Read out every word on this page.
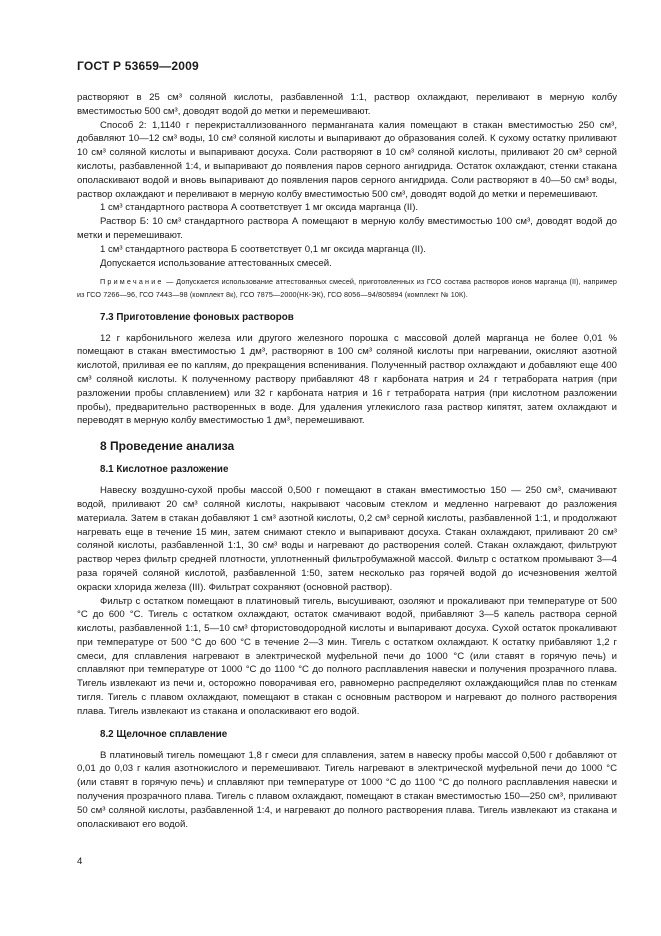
ГОСТ Р 53659—2009

растворяют в 25 см³ соляной кислоты, разбавленной 1:1, раствор охлаждают, переливают в мерную колбу вместимостью 500 см³, доводят водой до метки и перемешивают.

Способ 2: 1,1140 г перекристаллизованного перманганата калия помещают в стакан вместимостью 250 см³, добавляют 10—12 см³ воды, 10 см³ соляной кислоты и выпаривают до образования солей. К сухому остатку приливают 10 см³ соляной кислоты и выпаривают досуха. Соли растворяют в 10 см³ соляной кислоты, приливают 20 см³ серной кислоты, разбавленной 1:4, и выпаривают до появления паров серного ангидрида. Остаток охлаждают, стенки стакана ополаскивают водой и вновь выпаривают до появления паров серного ангидрида. Соли растворяют в 40—50 см³ воды, раствор охлаждают и переливают в мерную колбу вместимостью 500 см³, доводят водой до метки и перемешивают.

1 см³ стандартного раствора А соответствует 1 мг оксида марганца (II).

Раствор Б: 10 см³ стандартного раствора А помещают в мерную колбу вместимостью 100 см³, доводят водой до метки и перемешивают.

1 см³ стандартного раствора Б соответствует 0,1 мг оксида марганца (II).

Допускается использование аттестованных смесей.

Примечание — Допускается использование аттестованных смесей, приготовленных из ГСО состава растворов ионов марганца (II), например из ГСО 7266—96, ГСО 7443—98 (комплект 8к), ГСО 7875—2000(НК-ЭК), ГСО 8056—94/805894 (комплект № 10К).

7.3 Приготовление фоновых растворов

12 г карбонильного железа или другого железного порошка с массовой долей марганца не более 0,01 % помещают в стакан вместимостью 1 дм³, растворяют в 100 см³ соляной кислоты при нагревании, окисляют азотной кислотой, приливая ее по каплям, до прекращения вспенивания. Полученный раствор охлаждают и добавляют еще 400 см³ соляной кислоты. К полученному раствору прибавляют 48 г карбоната натрия и 24 г тетрабората натрия (при разложении пробы сплавлением) или 32 г карбоната натрия и 16 г тетрабората натрия (при кислотном разложении пробы), предварительно растворенных в воде. Для удаления углекислого газа раствор кипятят, затем охлаждают и переводят в мерную колбу вместимостью 1 дм³, перемешивают.

8 Проведение анализа
8.1 Кислотное разложение

Навеску воздушно-сухой пробы массой 0,500 г помещают в стакан вместимостью 150 — 250 см³, смачивают водой, приливают 20 см³ соляной кислоты, накрывают часовым стеклом и медленно нагревают до разложения материала. Затем в стакан добавляют 1 см³ азотной кислоты, 0,2 см³ серной кислоты, разбавленной 1:1, и продолжают нагревать еще в течение 15 мин, затем снимают стекло и выпаривают досуха. Стакан охлаждают, приливают 20 см³ соляной кислоты, разбавленной 1:1, 30 см³ воды и нагревают до растворения солей. Стакан охлаждают, фильтруют раствор через фильтр средней плотности, уплотненный фильтробумажной массой. Фильтр с остатком промывают 3—4 раза горячей соляной кислотой, разбавленной 1:50, затем несколько раз горячей водой до исчезновения желтой окраски хлорида железа (III). Фильтрат сохраняют (основной раствор).

Фильтр с остатком помещают в платиновый тигель, высушивают, озоляют и прокаливают при температуре от 500 °С до 600 °С. Тигель с остатком охлаждают, остаток смачивают водой, прибавляют 3—5 капель раствора серной кислоты, разбавленной 1:1, 5—10 см³ фтористоводородной кислоты и выпаривают досуха. Сухой остаток прокаливают при температуре от 500 °С до 600 °С в течение 2—3 мин. Тигель с остатком охлаждают. К остатку прибавляют 1,2 г смеси, для сплавления нагревают в электрической муфельной печи до 1000 °С (или ставят в горячую печь) и сплавляют при температуре от 1000 °С до 1100 °С до полного расплавления навески и получения прозрачного плава. Тигель извлекают из печи и, осторожно поворачивая его, равномерно распределяют охлаждающийся плав по стенкам тигля. Тигель с плавом охлаждают, помещают в стакан с основным раствором и нагревают до полного растворения плава. Тигель извлекают из стакана и ополаскивают его водой.

8.2 Щелочное сплавление

В платиновый тигель помещают 1,8 г смеси для сплавления, затем в навеску пробы массой 0,500 г добавляют от 0,01 до 0,03 г калия азотнокислого и перемешивают. Тигель нагревают в электрической муфельной печи до 1000 °С (или ставят в горячую печь) и сплавляют при температуре от 1000 °С до 1100 °С до полного расплавления навески и получения прозрачного плава. Тигель с плавом охлаждают, помещают в стакан вместимостью 150—250 см³, приливают 50 см³ соляной кислоты, разбавленной 1:4, и нагревают до полного растворения плава. Тигель извлекают из стакана и ополаскивают его водой.

4
